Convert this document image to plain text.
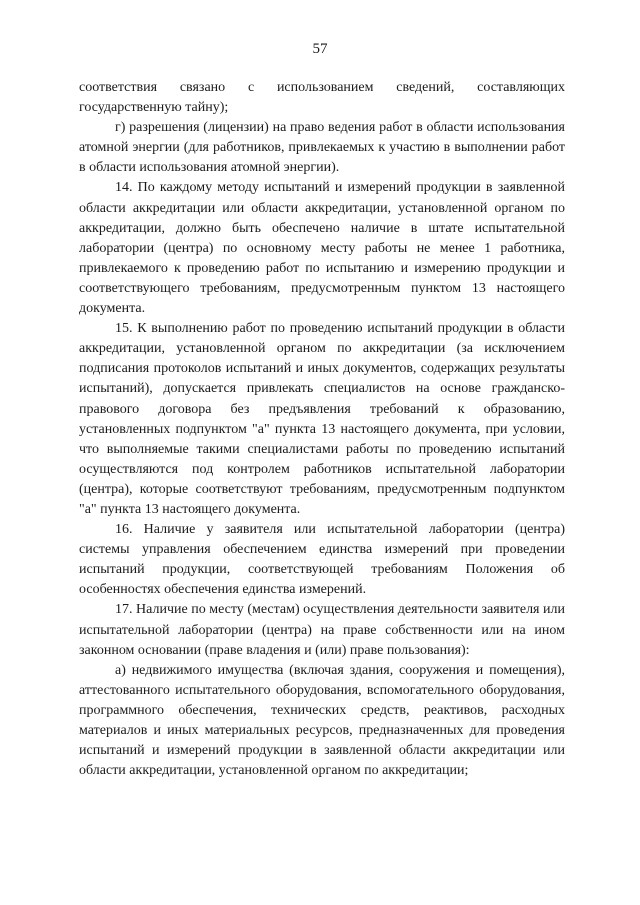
57

соответствия связано с использованием сведений, составляющих государственную тайну);

г) разрешения (лицензии) на право ведения работ в области использования атомной энергии (для работников, привлекаемых к участию в выполнении работ в области использования атомной энергии).

14. По каждому методу испытаний и измерений продукции в заявленной области аккредитации или области аккредитации, установленной органом по аккредитации, должно быть обеспечено наличие в штате испытательной лаборатории (центра) по основному месту работы не менее 1 работника, привлекаемого к проведению работ по испытанию и измерению продукции и соответствующего требованиям, предусмотренным пунктом 13 настоящего документа.

15. К выполнению работ по проведению испытаний продукции в области аккредитации, установленной органом по аккредитации (за исключением подписания протоколов испытаний и иных документов, содержащих результаты испытаний), допускается привлекать специалистов на основе гражданско-правового договора без предъявления требований к образованию, установленных подпунктом "а" пункта 13 настоящего документа, при условии, что выполняемые такими специалистами работы по проведению испытаний осуществляются под контролем работников испытательной лаборатории (центра), которые соответствуют требованиям, предусмотренным подпунктом "а" пункта 13 настоящего документа.

16. Наличие у заявителя или испытательной лаборатории (центра) системы управления обеспечением единства измерений при проведении испытаний продукции, соответствующей требованиям Положения об особенностях обеспечения единства измерений.

17. Наличие по месту (местам) осуществления деятельности заявителя или испытательной лаборатории (центра) на праве собственности или на ином законном основании (праве владения и (или) праве пользования):

а) недвижимого имущества (включая здания, сооружения и помещения), аттестованного испытательного оборудования, вспомогательного оборудования, программного обеспечения, технических средств, реактивов, расходных материалов и иных материальных ресурсов, предназначенных для проведения испытаний и измерений продукции в заявленной области аккредитации или области аккредитации, установленной органом по аккредитации;
